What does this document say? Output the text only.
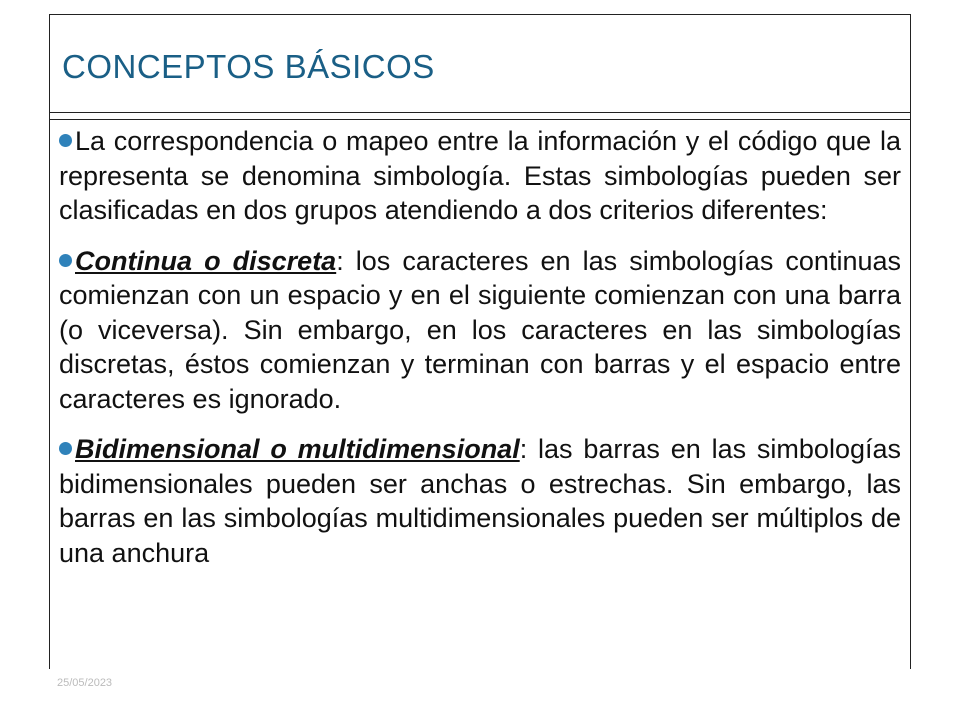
CONCEPTOS BÁSICOS

La correspondencia o mapeo entre la información y el código que la representa se denomina simbología. Estas simbologías pueden ser clasificadas en dos grupos atendiendo a dos criterios diferentes:

Continua o discreta: los caracteres en las simbologías continuas comienzan con un espacio y en el siguiente comienzan con una barra (o viceversa). Sin embargo, en los caracteres en las simbologías discretas, éstos comienzan y terminan con barras y el espacio entre caracteres es ignorado.

Bidimensional o multidimensional: las barras en las simbologías bidimensionales pueden ser anchas o estrechas. Sin embargo, las barras en las simbologías multidimensionales pueden ser múltiplos de una anchura

25/05/2023
